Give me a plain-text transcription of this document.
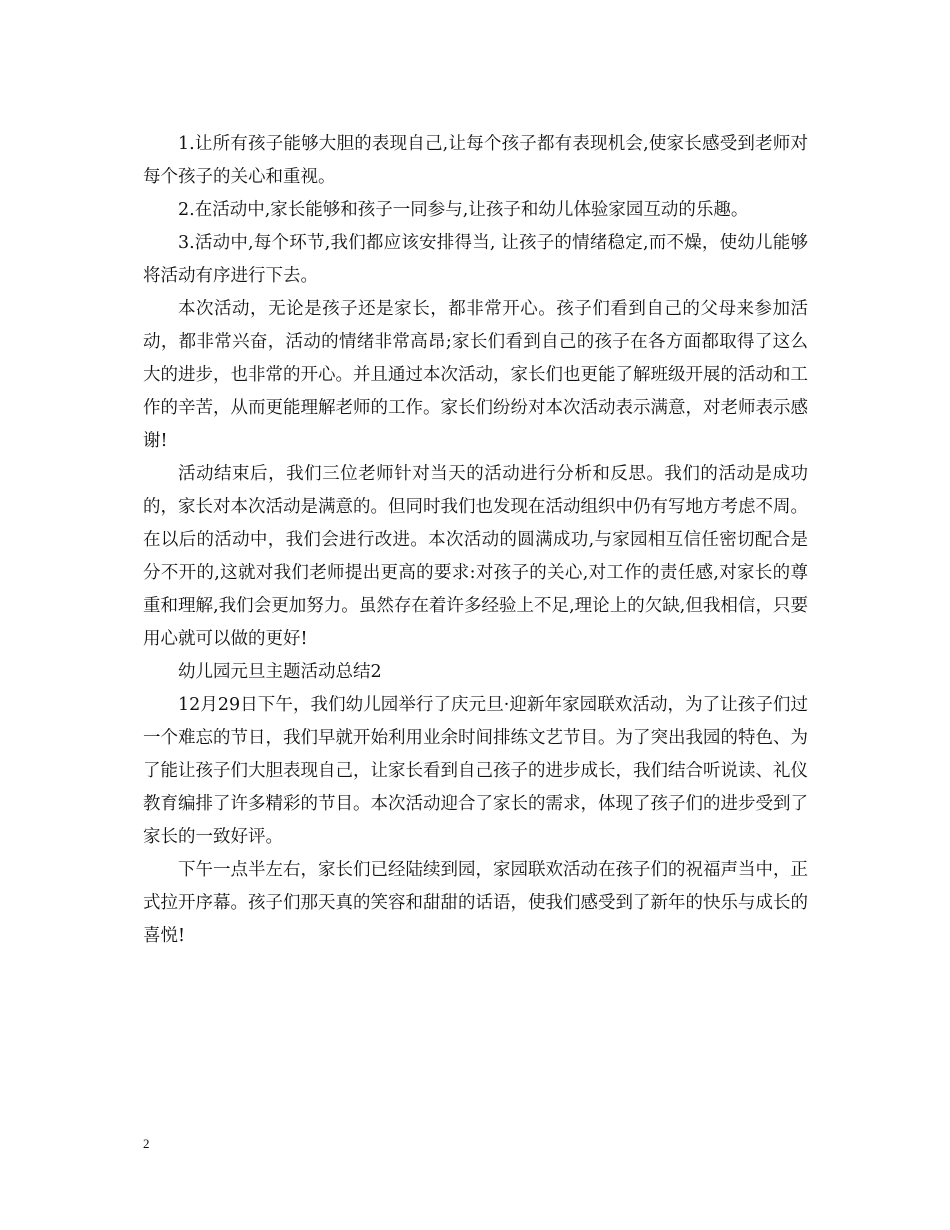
1.让所有孩子能够大胆的表现自己,让每个孩子都有表现机会,使家长感受到老师对每个孩子的关心和重视。

2.在活动中,家长能够和孩子一同参与,让孩子和幼儿体验家园互动的乐趣。

3.活动中,每个环节,我们都应该安排得当, 让孩子的情绪稳定,而不燥，使幼儿能够将活动有序进行下去。

本次活动，无论是孩子还是家长，都非常开心。孩子们看到自己的父母来参加活动，都非常兴奋，活动的情绪非常高昂;家长们看到自己的孩子在各方面都取得了这么大的进步，也非常的开心。并且通过本次活动，家长们也更能了解班级开展的活动和工作的辛苦，从而更能理解老师的工作。家长们纷纷对本次活动表示满意，对老师表示感谢!

活动结束后，我们三位老师针对当天的活动进行分析和反思。我们的活动是成功的，家长对本次活动是满意的。但同时我们也发现在活动组织中仍有写地方考虑不周。在以后的活动中，我们会进行改进。本次活动的圆满成功,与家园相互信任密切配合是分不开的,这就对我们老师提出更高的要求:对孩子的关心,对工作的责任感,对家长的尊重和理解,我们会更加努力。虽然存在着许多经验上不足,理论上的欠缺,但我相信，只要用心就可以做的更好!

幼儿园元旦主题活动总结2

12月29日下午，我们幼儿园举行了庆元旦·迎新年家园联欢活动，为了让孩子们过一个难忘的节日，我们早就开始利用业余时间排练文艺节目。为了突出我园的特色、为了能让孩子们大胆表现自己，让家长看到自己孩子的进步成长，我们结合听说读、礼仪教育编排了许多精彩的节目。本次活动迎合了家长的需求，体现了孩子们的进步受到了家长的一致好评。

下午一点半左右，家长们已经陆续到园，家园联欢活动在孩子们的祝福声当中，正式拉开序幕。孩子们那天真的笑容和甜甜的话语，使我们感受到了新年的快乐与成长的喜悦!

2
